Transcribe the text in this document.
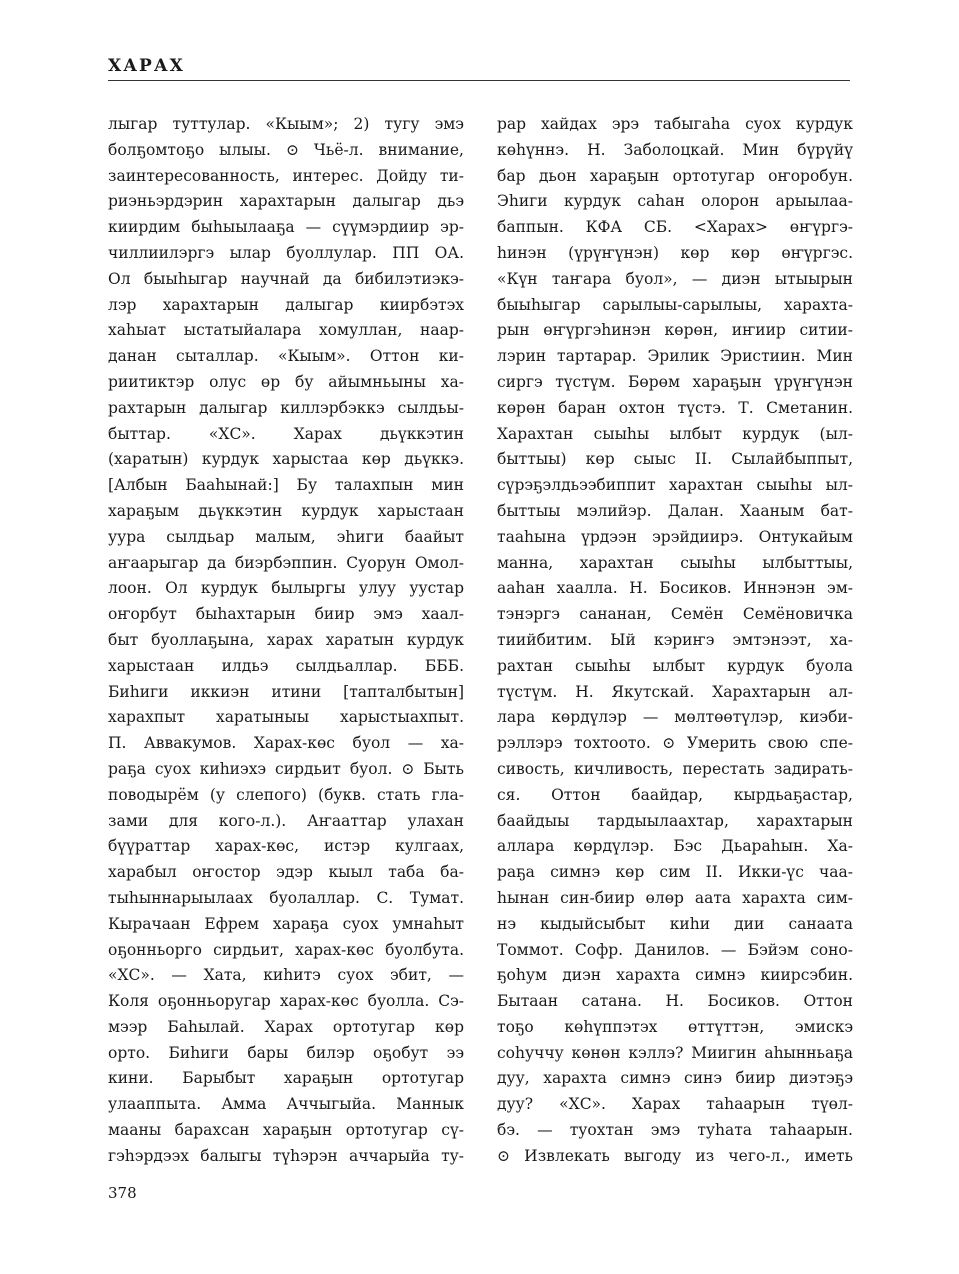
ХАРАХ
лыгар туттулар. «Кыым»; 2) тугу эмэ
болҕомтоҕо ылыы. ⊙ Чьё-л. внимание,
заинтересованность, интерес. Дойду ти-
риэньэрдэрин харахтарын далыгар дьэ
киирдим быһыылааҕа — сүүмэрдиир эр-
чиллиилэргэ ылар буоллулар. ПП ОА.
Ол быыһыгар научнай да бибилэтиэкэ-
лэр харахтарын далыгар киирбэтэх
хаһыат ыстатыйалара хомуллан, наар-
данан сыталлар. «Кыым». Оттон ки-
риитиктэр олус өр бу айымньыны ха-
рахтарын далыгар киллэрбэккэ сылдьы-
быттар. «ХС». Харах дьүккэтин
(харатын) курдук харыстаа көр дьүккэ.
[Албын Бааһынай:] Бу талахпын мин
хараҕым дьүккэтин курдук харыстаан
уура сылдьар малым, эһиги баайыт
аҥаарыгар да биэрбэппин. Суорун Омол-
лоон. Ол курдук былыргы улуу уустар
оҥорбут быһахтарын биир эмэ хаал-
быт буоллаҕына, харах харатын курдук
харыстаан илдьэ сылдьаллар. БББ.
Биһиги иккиэн итини [тапталбытын]
харахпыт харатыныы харыстыахпыт.
П. Аввакумов. Харах-көс буол — ха-
раҕа суох киһиэхэ сирдьит буол. ⊙ Быть
поводырём (у слепого) (букв. стать гла-
зами для кого-л.). Аҥааттар улахан
бүүраттар харах-көс, истэр кулгаах,
харабыл оҥостор эдэр кыыл таба ба-
тыһыннарыылаах буолаллар. С. Тумат.
Кырачаан Ефрем хараҕа суох умнаһыт
оҕонньорго сирдьит, харах-көс буолбута.
«ХС». — Хата, киһитэ суох эбит, —
Коля оҕонньоругар харах-көс буолла. Сэ-
мээр Баһылай. Харах ортотугар көр
орто. Биһиги бары билэр оҕобут ээ
кини. Барыбыт хараҕын ортотугар
улааппыта. Амма Аччыгыйа. Маннык
мааны барахсан хараҕын ортотугар сү-
гэһэрдээх балыгы түһэрэн аччарыйа ту-
рар хайдах эрэ табыгаһа суох курдук
көһүннэ. Н. Заболоцкай. Мин бүрүйү
бар дьон хараҕын ортотугар оҥоробун.
Эһиги курдук саһан олорон арыылаа-
баппын. КФА СБ. <Харах> өҥүргэ-
һинэн (үрүҥүнэн) көр көр өҥүргэс.
«Күн таҥара буол», — диэн ытыырын
быыһыгар сарылыы-сарылыы, харахта-
рын өҥүргэһинэн көрөн, иҥиир ситии-
лэрин тартарар. Эрилик Эристиин. Мин
сиргэ түстүм. Бөрөм хараҕын үрүҥүнэн
көрөн баран охтон түстэ. Т. Сметанин.
Харахтан сыыһы ылбыт курдук (ыл-
быттыы) көр сыыс II. Сылайбыппыт,
сүрэҕэлдьээбиппит харахтан сыыһы ыл-
быттыы мэлийэр. Далан. Хааным бат-
тааһына үрдээн эрэйдиирэ. Онтукайым
манна, харахтан сыыһы ылбыттыы,
ааһан хаалла. Н. Босиков. Иннэнэн эм-
тэнэргэ сананан, Семён Семёновичка
тиийбитим. Ый кэриҥэ эмтэнээт, ха-
рахтан сыыһы ылбыт курдук буола
түстүм. Н. Якутскай. Харахтарын ал-
лара көрдүлэр — мөлтөөтүлэр, киэби-
рэллэрэ тохтоото. ⊙ Умерить свою спе-
сивость, кичливость, перестать задирать-
ся. Оттон баайдар, кырдьаҕастар,
баайдыы тардыылаахтар, харахтарын
аллара көрдүлэр. Бэс Дьараһын. Ха-
раҕа симнэ көр сим II. Икки-үс чаа-
һынан син-биир өлөр аата харахта сим-
нэ кыдыйсыбыт киһи дии санаата
Томмот. Софр. Данилов. — Бэйэм соно-
ҕоһум диэн харахта симнэ киирсэбин.
Бытаан сатана. Н. Босиков. Оттон
тоҕо көһүппэтэх өттүттэн, эмискэ
соһуччу көнөн кэллэ? Миигин аһынньаҕа
дуу, харахта симнэ синэ биир диэтэҕэ
дуу? «ХС». Харах таһаарын түөл-
бэ. — туохтан эмэ туһата таһаарын.
⊙ Извлекать выгоду из чего-л., иметь
378
